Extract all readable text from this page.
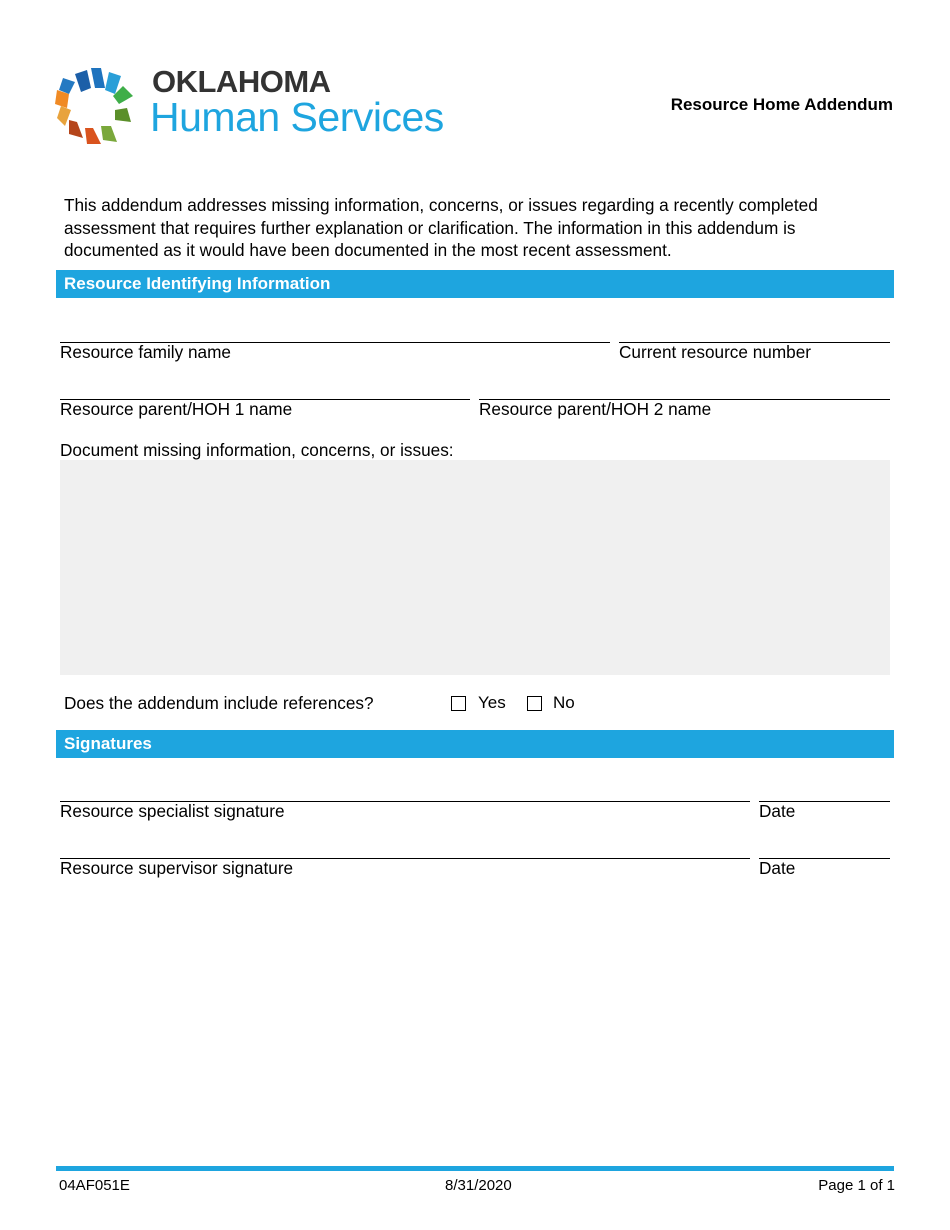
OKLAHOMA
Human Services	Resource Home Addendum
This addendum addresses missing information, concerns, or issues regarding a recently completed assessment that requires further explanation or clarification. The information in this addendum is documented as it would have been documented in the most recent assessment.
Resource Identifying Information
Resource family name	Current resource number
Resource parent/HOH 1 name	Resource parent/HOH 2 name
Document missing information, concerns, or issues:
Does the addendum include references?	Yes	No
Signatures
Resource specialist signature	Date
Resource supervisor signature	Date
04AF051E	8/31/2020	Page 1 of 1
